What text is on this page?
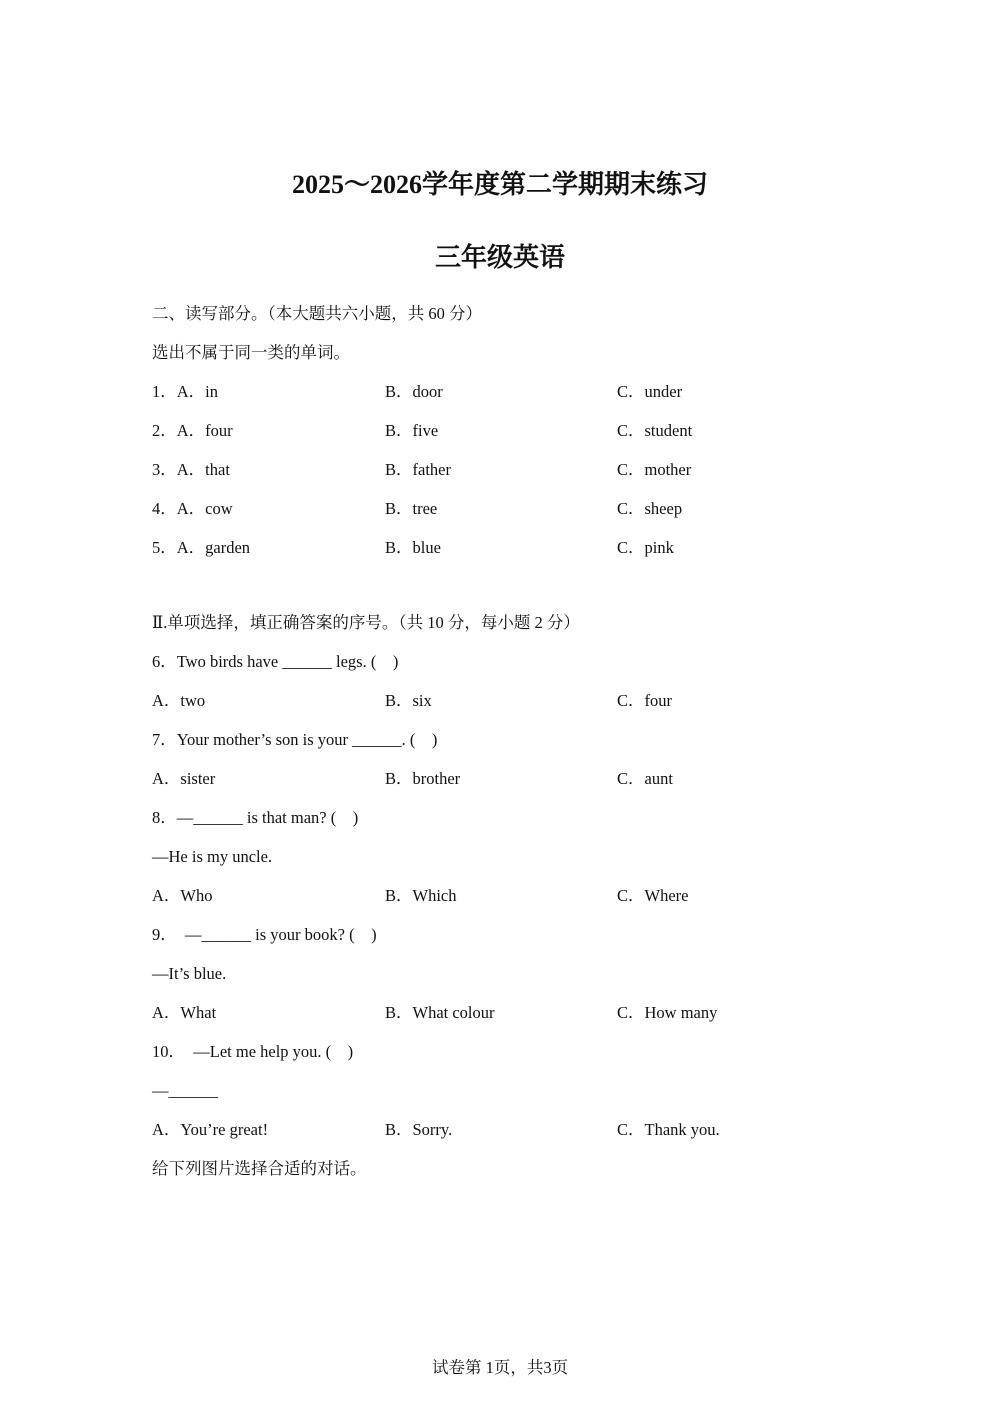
2025～2026学年度第二学期期末练习
三年级英语
二、读写部分。（本大题共六小题，共 60 分）
选出不属于同一类的单词。
1．A．in	B．door	C．under
2．A．four	B．five	C．student
3．A．that	B．father	C．mother
4．A．cow	B．tree	C．sheep
5．A．garden	B．blue	C．pink
Ⅱ.单项选择，填正确答案的序号。（共 10 分，每小题 2 分）
6．Two birds have ______ legs. (    )
A．two	B．six	C．four
7．Your mother’s son is your ______. (    )
A．sister	B．brother	C．aunt
8．—______ is that man? (    )
—He is my uncle.
A．Who	B．Which	C．Where
9．  —______ is your book? (    )
—It’s blue.
A．What	B．What colour	C．How many
10．  —Let me help you. (    )
—______
A．You’re great!	B．Sorry.	C．Thank you.
给下列图片选择合适的对话。
试卷第 1页，共3页
